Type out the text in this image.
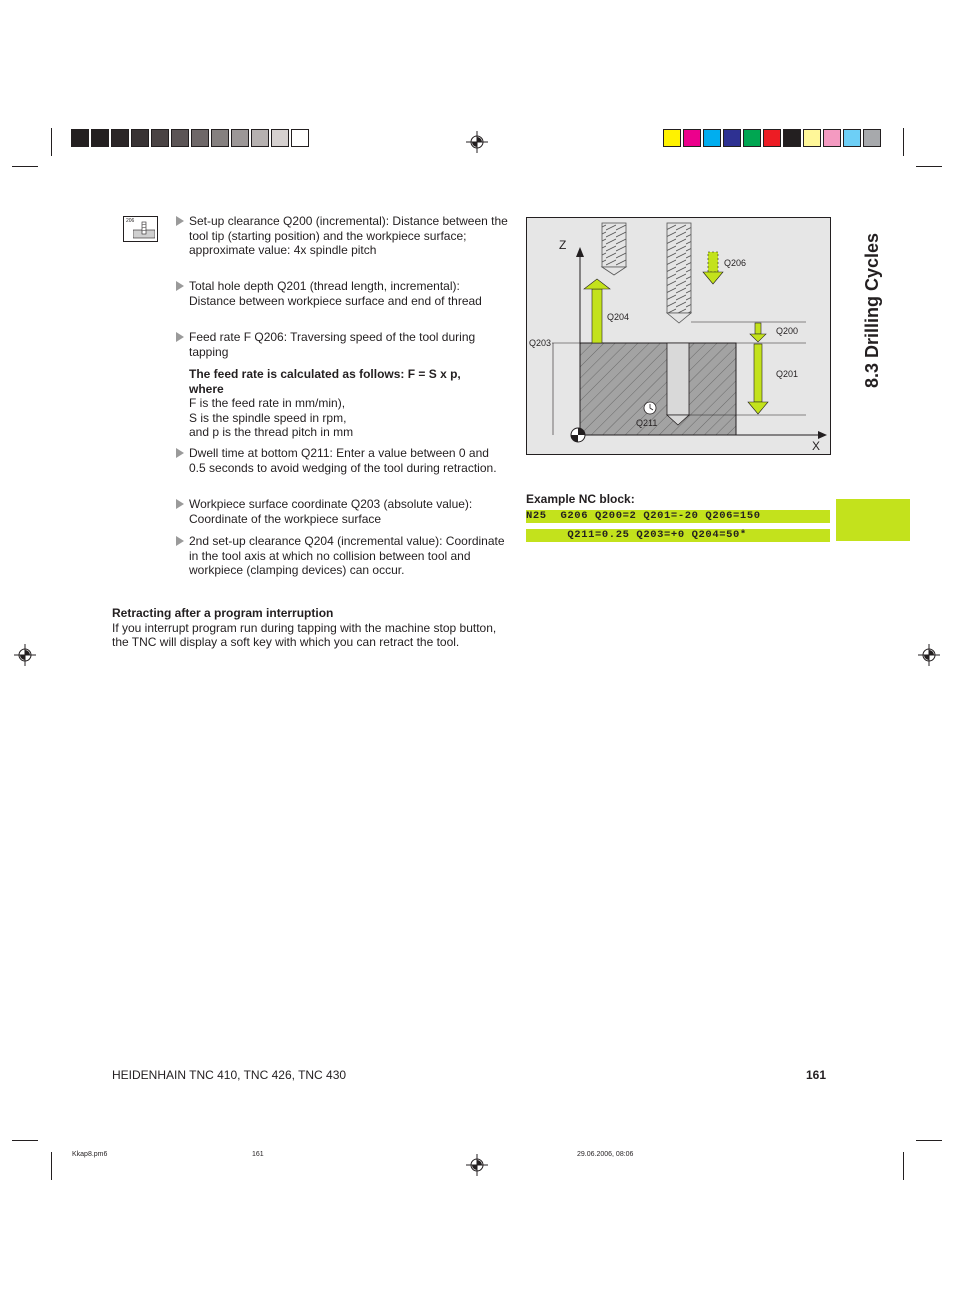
206	Set-up clearance Q200 (incremental): Distance between the tool tip (starting position) and the workpiece surface; approximate value: 4x spindle pitch
Total hole depth Q201 (thread length, incremental): Distance between workpiece surface and end of thread
Feed rate F Q206: Traversing speed of the tool during tapping
The feed rate is calculated as follows: F = S x p, where
F is the feed rate in mm/min),
S is the spindle speed in rpm,
and p is the thread pitch in mm
Dwell time at bottom Q211: Enter a value between 0 and 0.5 seconds to avoid wedging of the tool during retraction.
Workpiece surface coordinate Q203 (absolute value): Coordinate of the workpiece surface
2nd set-up clearance Q204 (incremental value): Coordinate in the tool axis at which no collision between tool and workpiece (clamping devices) can occur.
Retracting after a program interruption
If you interrupt program run during tapping with the machine stop button, the TNC will display a soft key with which you can retract the tool.
Z
X
Q204
Q206
Q200
Q201
Q203
Q211
Example NC block:
N25  G206 Q200=2 Q201=-20 Q206=150
Q211=0.25 Q203=+0 Q204=50*
8.3 Drilling Cycles
HEIDENHAIN TNC 410, TNC 426, TNC 430	161
Kkap8.pm6	161	29.06.2006, 08:06
